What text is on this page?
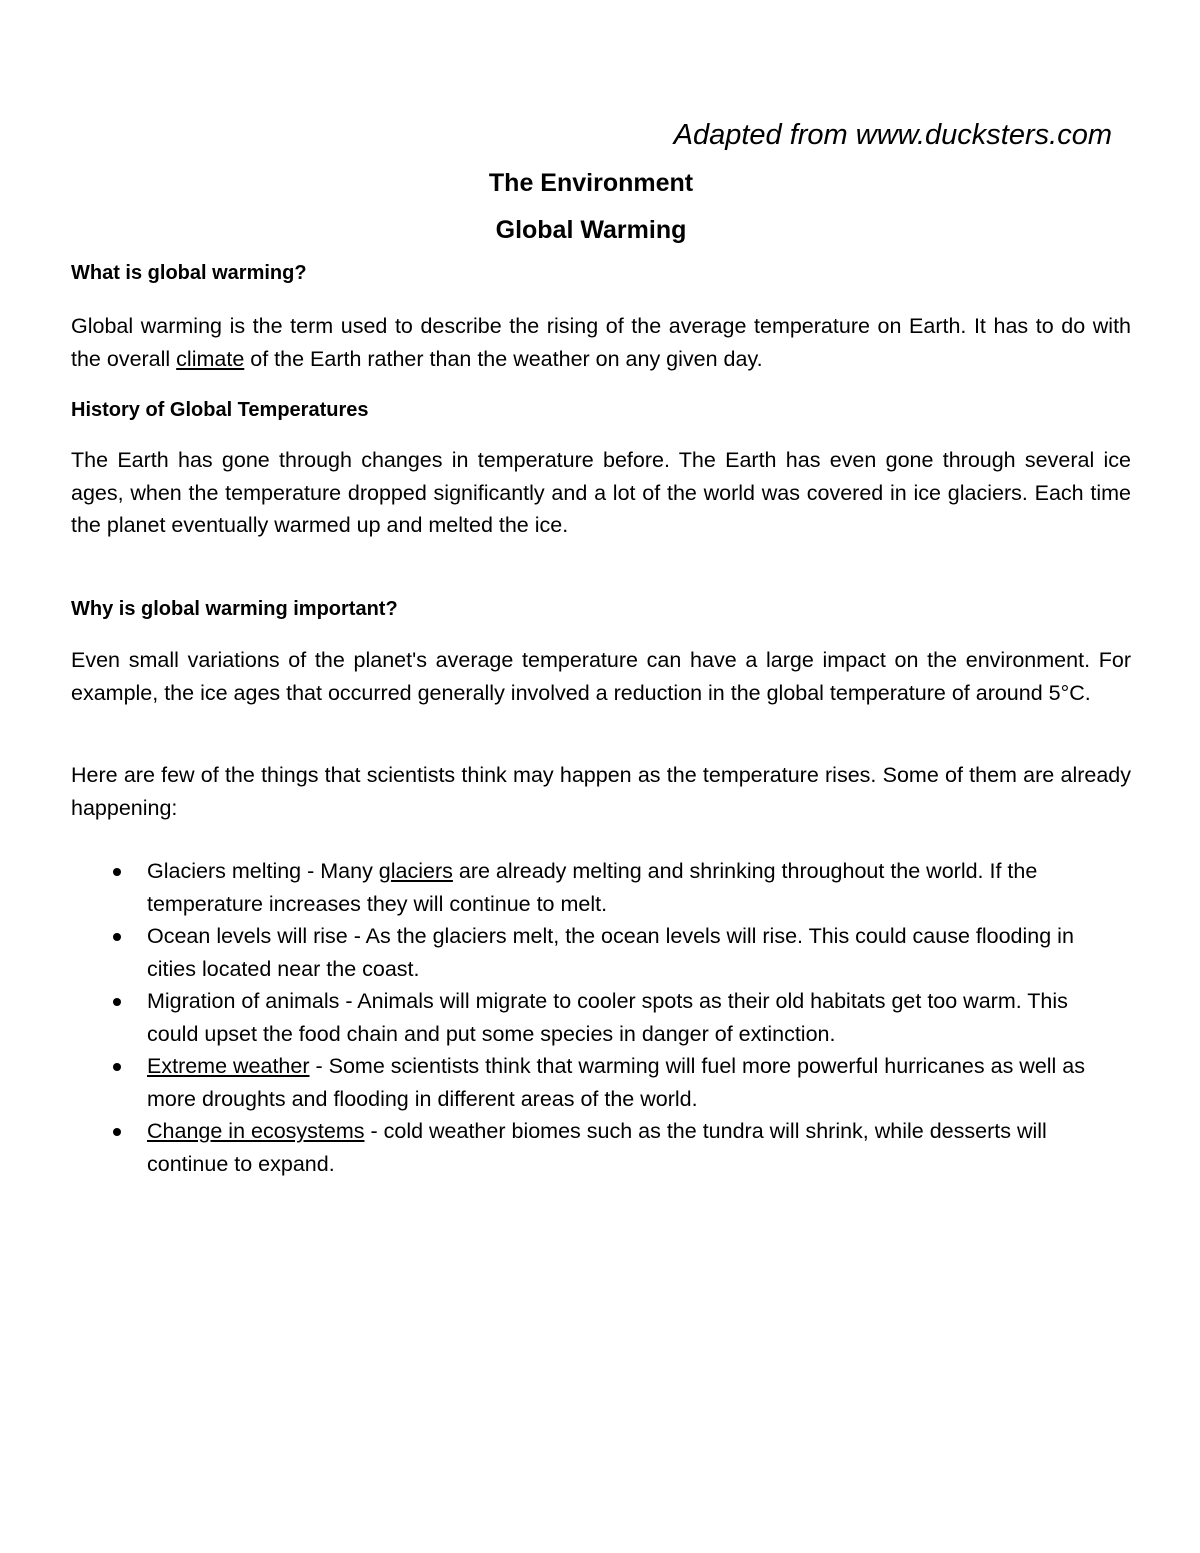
Adapted from www.ducksters.com
The Environment
Global Warming
What is global warming?
Global warming is the term used to describe the rising of the average temperature on Earth. It has to do with the overall climate of the Earth rather than the weather on any given day.
History of Global Temperatures
The Earth has gone through changes in temperature before. The Earth has even gone through several ice ages, when the temperature dropped significantly and a lot of the world was covered in ice glaciers. Each time the planet eventually warmed up and melted the ice.
Why is global warming important?
Even small variations of the planet's average temperature can have a large impact on the environment. For example, the ice ages that occurred generally involved a reduction in the global temperature of around 5°C.
Here are few of the things that scientists think may happen as the temperature rises. Some of them are already happening:
Glaciers melting - Many glaciers are already melting and shrinking throughout the world. If the temperature increases they will continue to melt.
Ocean levels will rise - As the glaciers melt, the ocean levels will rise. This could cause flooding in cities located near the coast.
Migration of animals - Animals will migrate to cooler spots as their old habitats get too warm. This could upset the food chain and put some species in danger of extinction.
Extreme weather - Some scientists think that warming will fuel more powerful hurricanes as well as more droughts and flooding in different areas of the world.
Change in ecosystems - cold weather biomes such as the tundra will shrink, while desserts will continue to expand.
